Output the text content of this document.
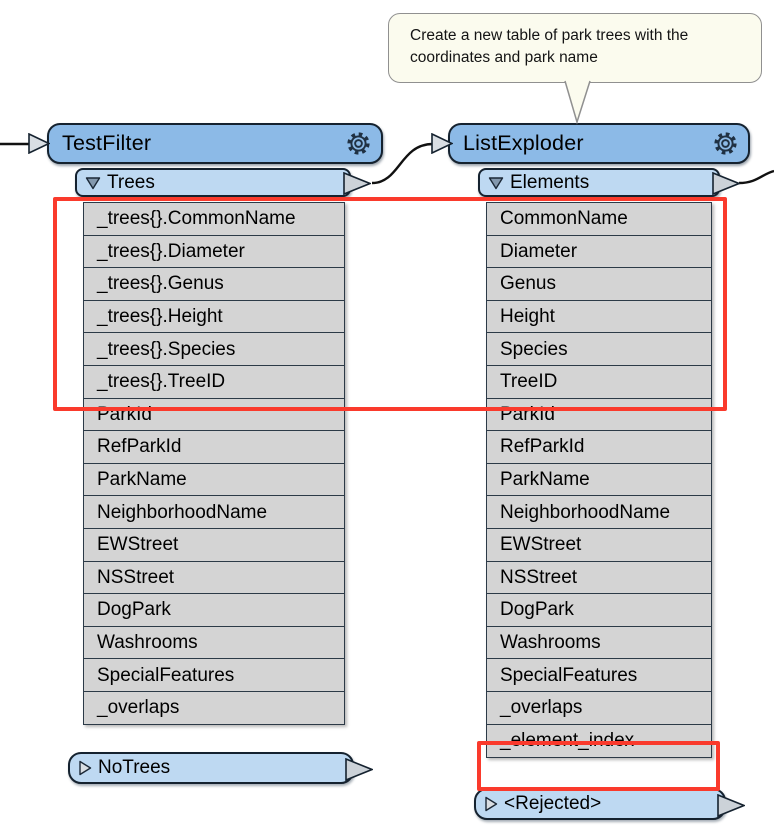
Create a new table of park trees with the coordinates and park name
TestFilter
Trees
_trees{}.CommonName
_trees{}.Diameter
_trees{}.Genus
_trees{}.Height
_trees{}.Species
_trees{}.TreeID
ParkId
RefParkId
ParkName
NeighborhoodName
EWStreet
NSStreet
DogPark
Washrooms
SpecialFeatures
_overlaps
NoTrees
ListExploder
Elements
CommonName
Diameter
Genus
Height
Species
TreeID
ParkId
RefParkId
ParkName
NeighborhoodName
EWStreet
NSStreet
DogPark
Washrooms
SpecialFeatures
_overlaps
_element_index
<Rejected>
